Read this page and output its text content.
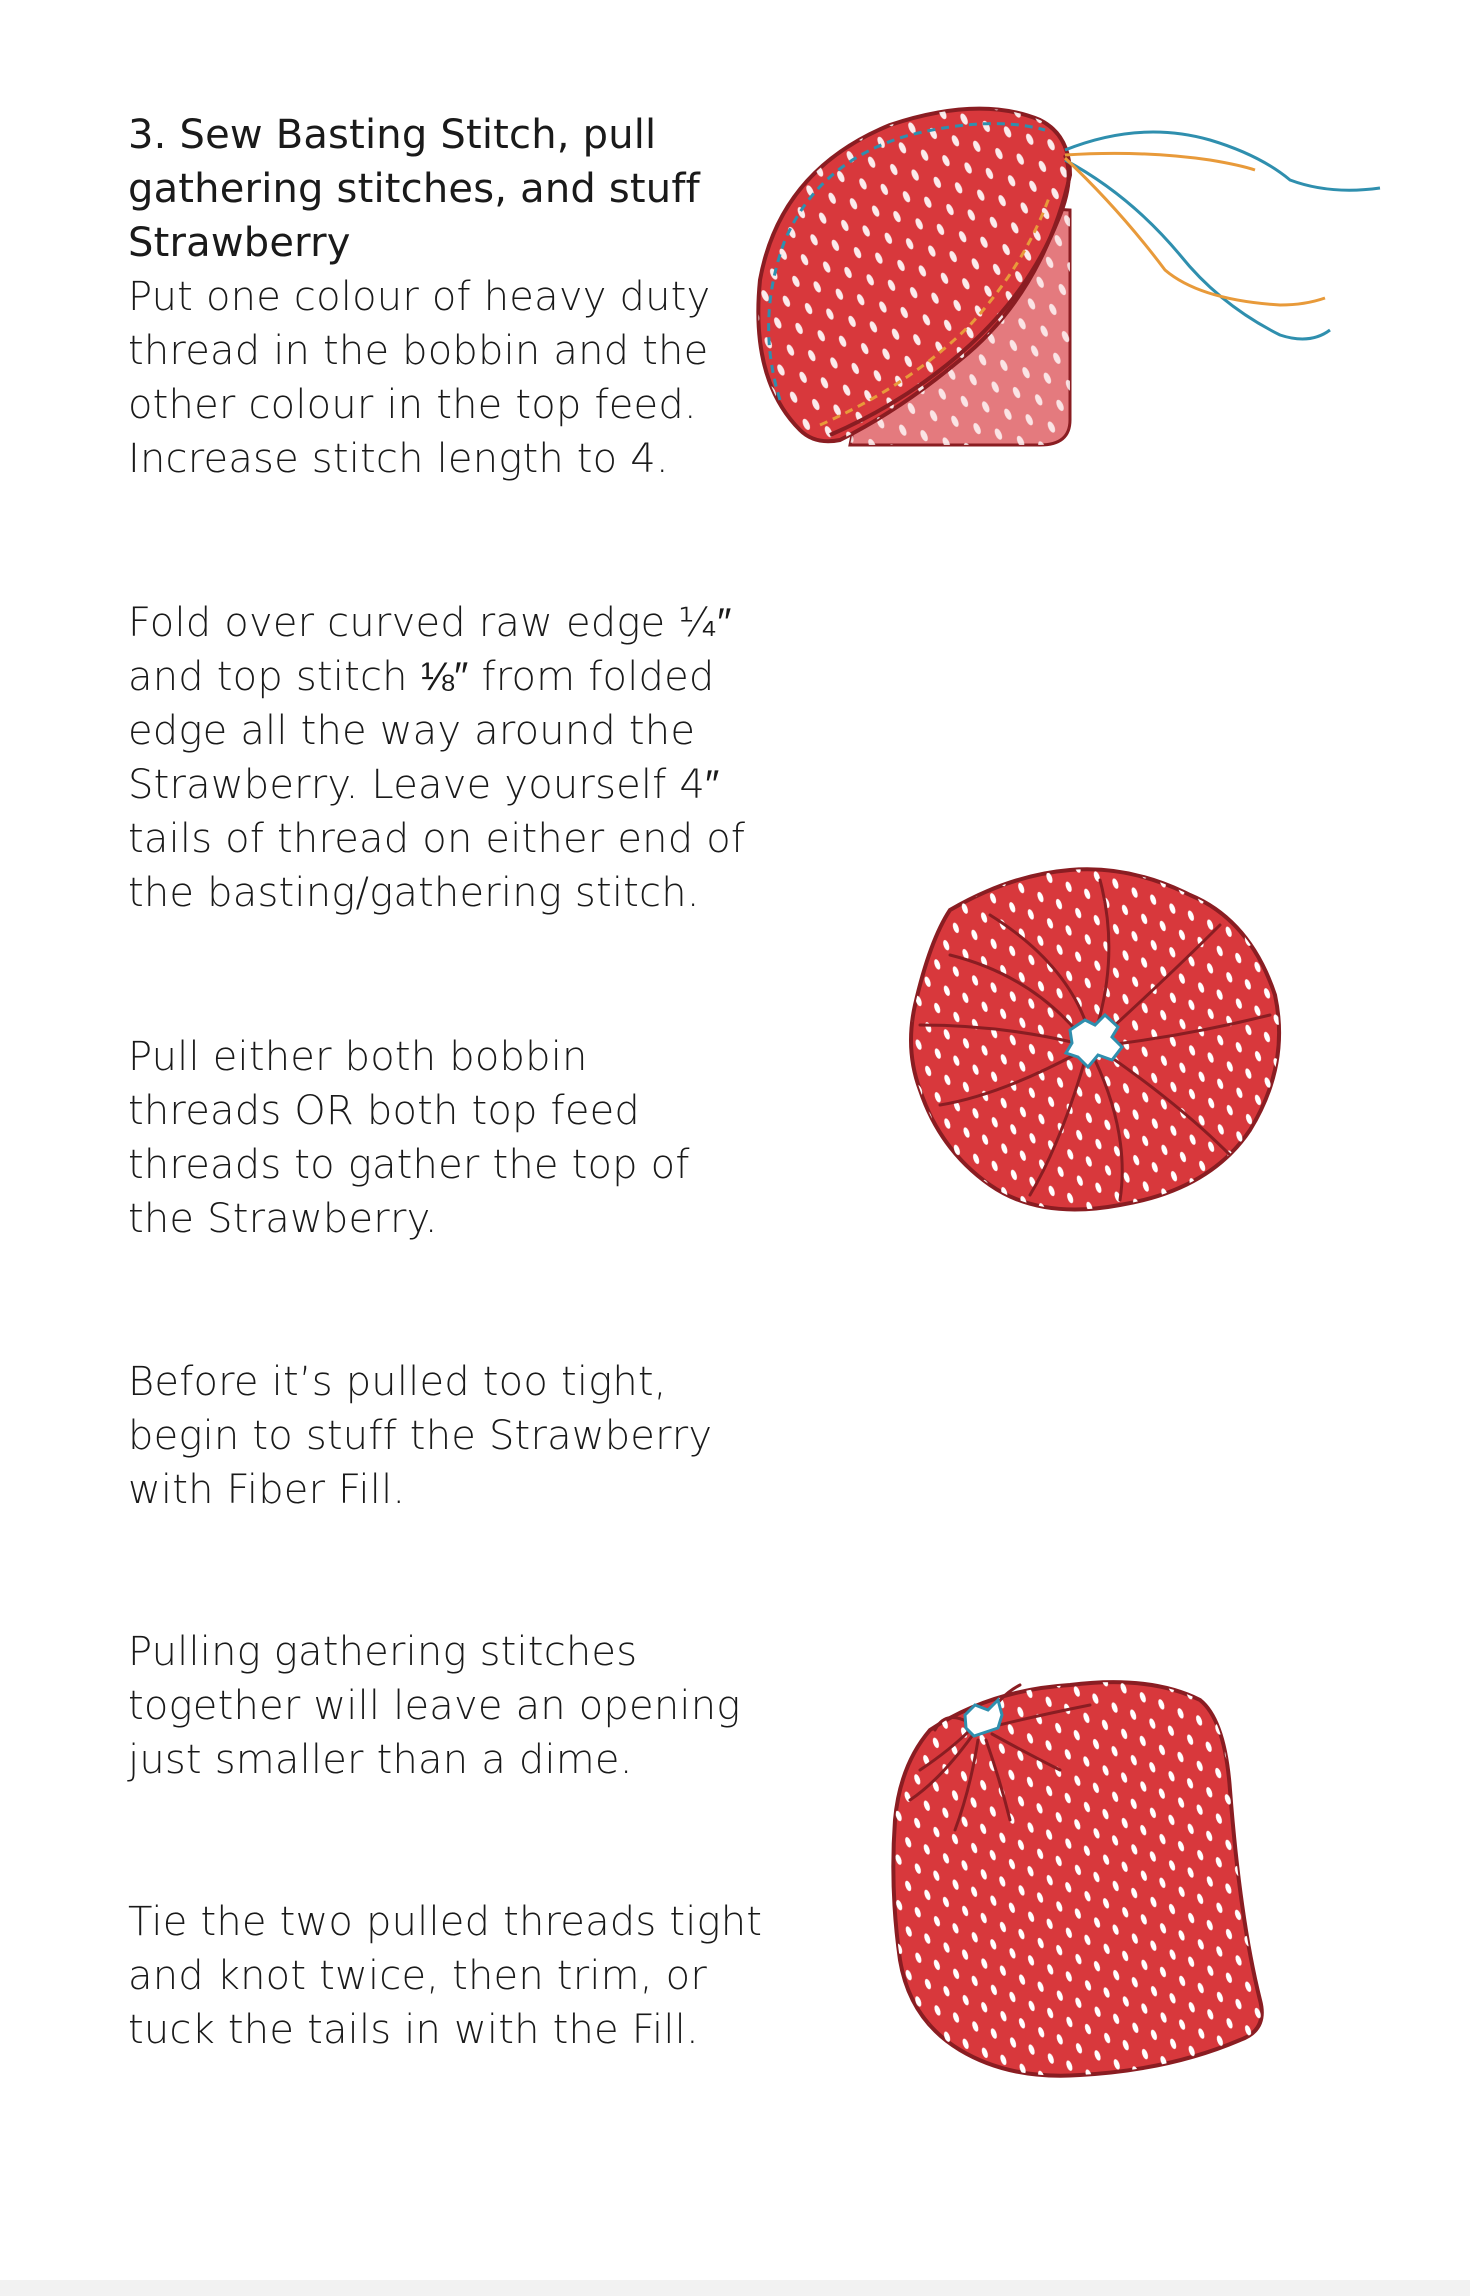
3. Sew Basting Stitch, pull gathering stitches, and stuff Strawberry
Put one colour of heavy duty thread in the bobbin and the other colour in the top feed. Increase stitch length to 4.
Fold over curved raw edge ¼″ and top stitch ⅛″ from folded edge all the way around the Strawberry. Leave yourself 4″ tails of thread on either end of the basting/gathering stitch.
Pull either both bobbin threads OR both top feed threads to gather the top of the Strawberry.
Before it’s pulled too tight, begin to stuff the Strawberry with Fiber Fill.
Pulling gathering stitches together will leave an opening just smaller than a dime.
Tie the two pulled threads tight and knot twice, then trim, or tuck the tails in with the Fill.
